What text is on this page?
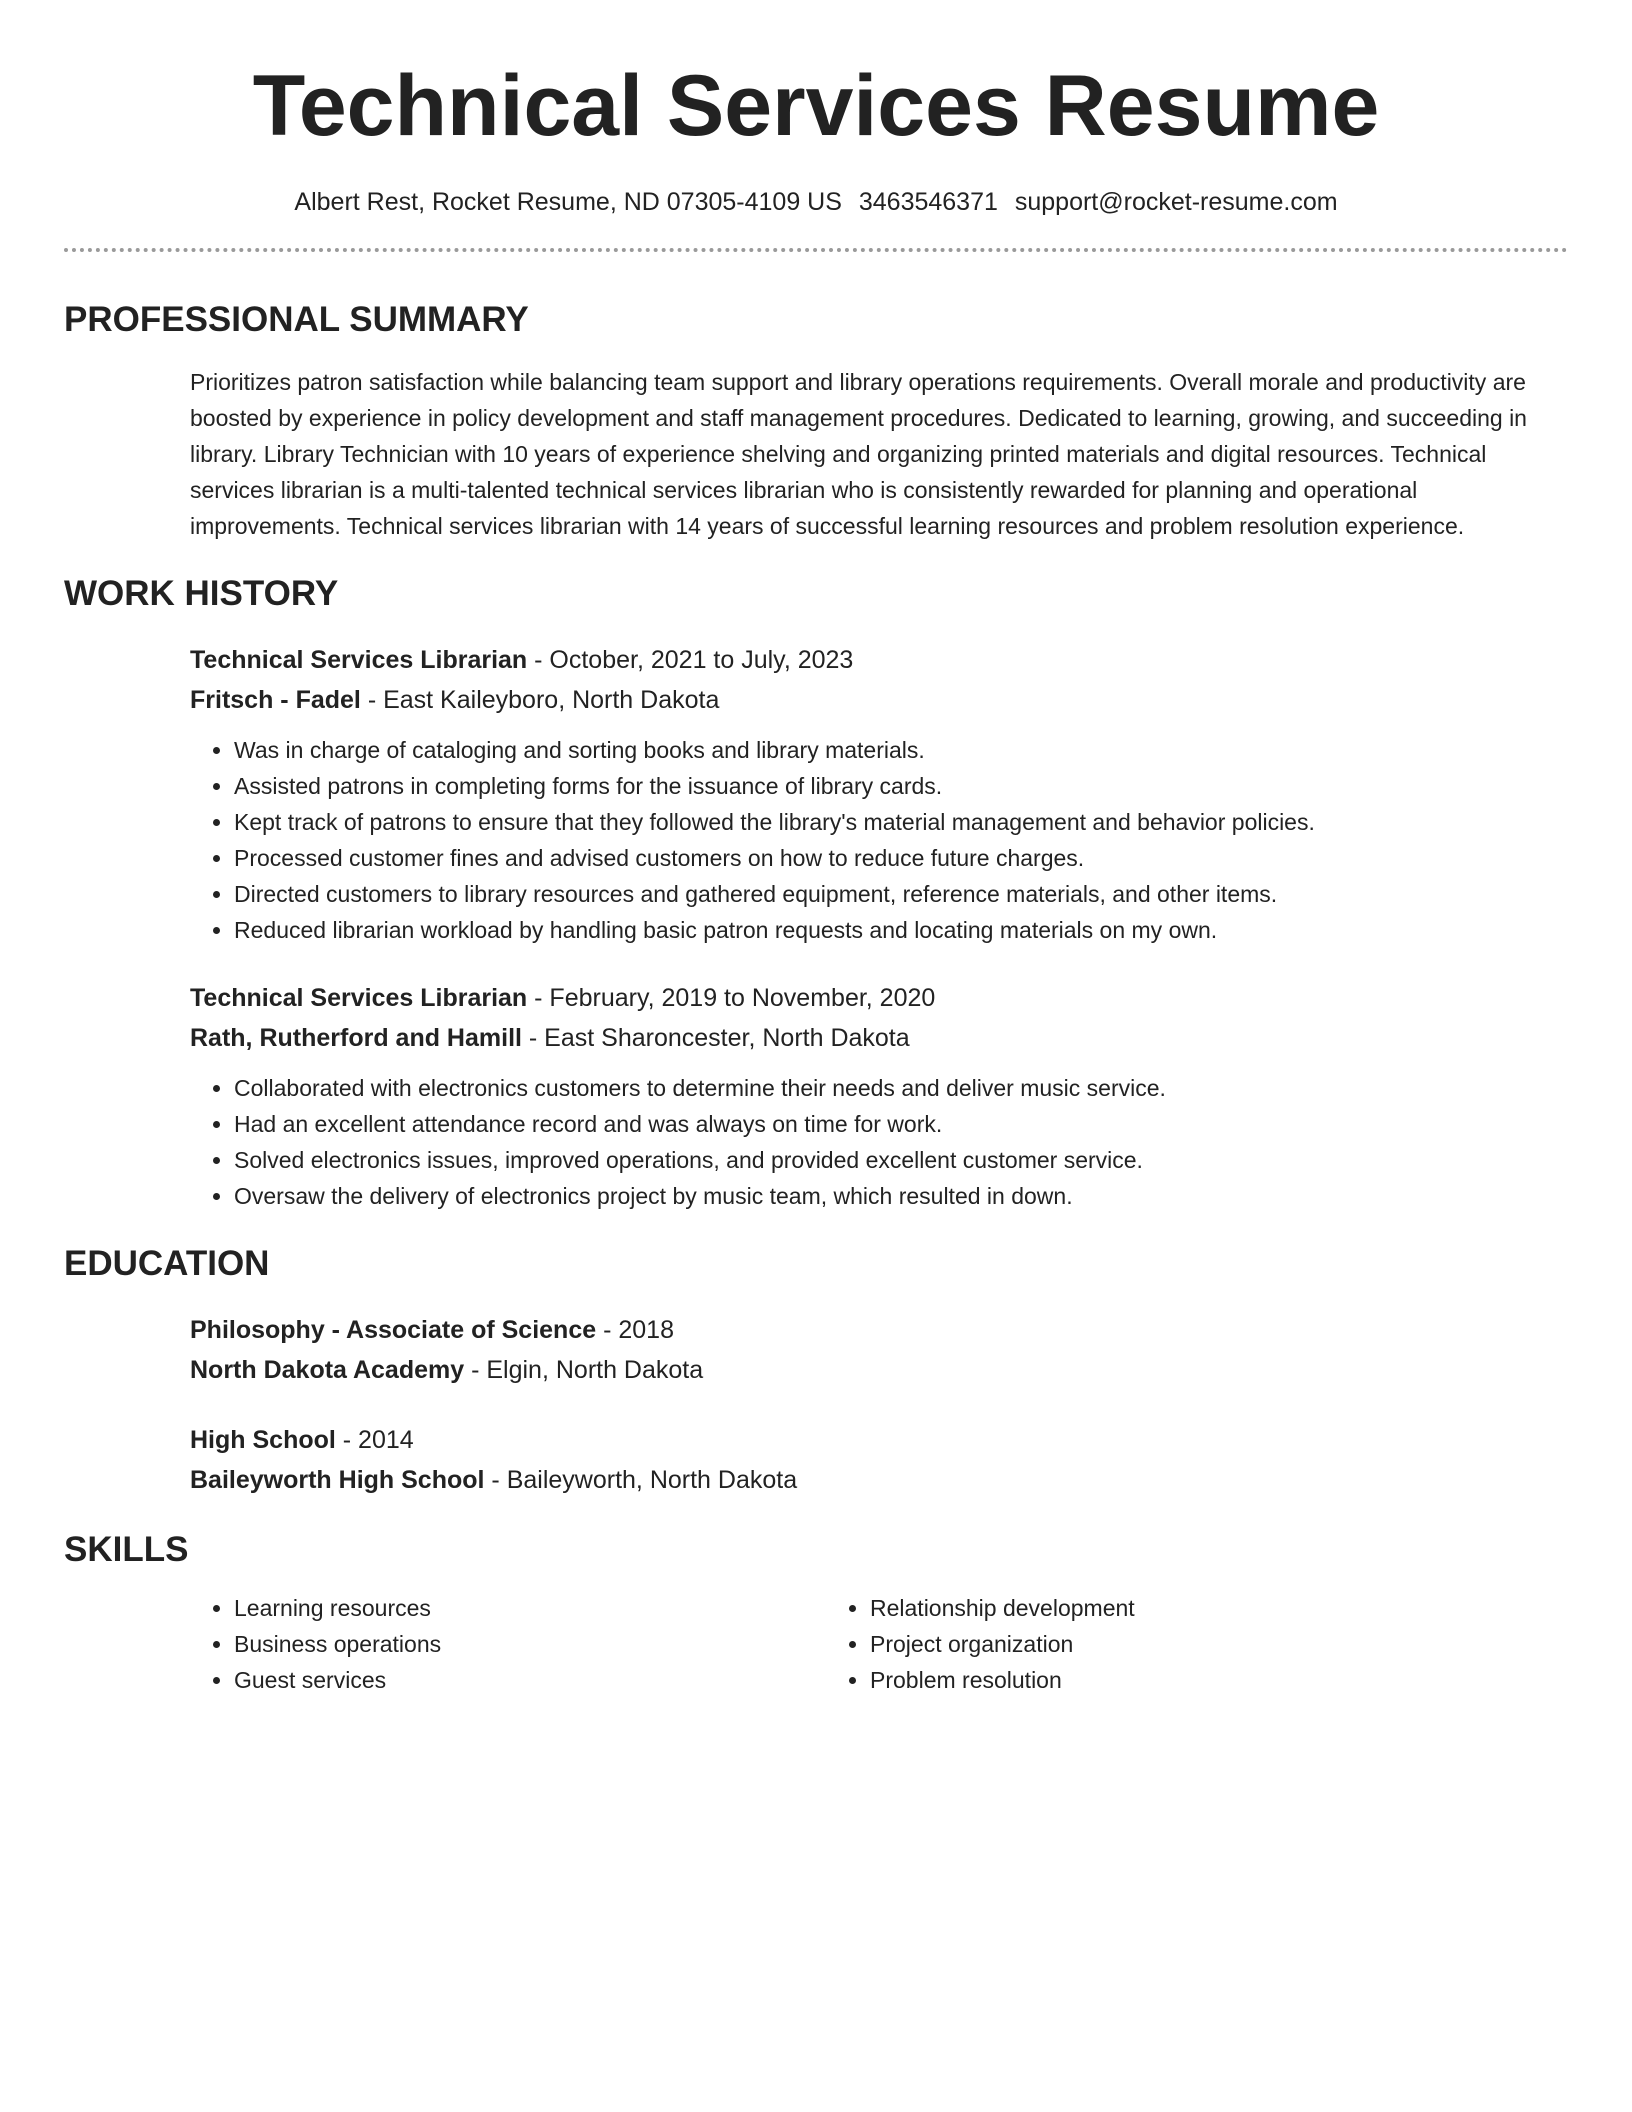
Technical Services Resume
Albert Rest, Rocket Resume, ND 07305-4109 US 3463546371 support@rocket-resume.com
PROFESSIONAL SUMMARY
Prioritizes patron satisfaction while balancing team support and library operations requirements. Overall morale and productivity are boosted by experience in policy development and staff management procedures. Dedicated to learning, growing, and succeeding in library. Library Technician with 10 years of experience shelving and organizing printed materials and digital resources. Technical services librarian is a multi-talented technical services librarian who is consistently rewarded for planning and operational improvements. Technical services librarian with 14 years of successful learning resources and problem resolution experience.
WORK HISTORY
Technical Services Librarian - October, 2021 to July, 2023
Fritsch - Fadel - East Kaileyboro, North Dakota
• Was in charge of cataloging and sorting books and library materials.
• Assisted patrons in completing forms for the issuance of library cards.
• Kept track of patrons to ensure that they followed the library's material management and behavior policies.
• Processed customer fines and advised customers on how to reduce future charges.
• Directed customers to library resources and gathered equipment, reference materials, and other items.
• Reduced librarian workload by handling basic patron requests and locating materials on my own.
Technical Services Librarian - February, 2019 to November, 2020
Rath, Rutherford and Hamill - East Sharoncester, North Dakota
• Collaborated with electronics customers to determine their needs and deliver music service.
• Had an excellent attendance record and was always on time for work.
• Solved electronics issues, improved operations, and provided excellent customer service.
• Oversaw the delivery of electronics project by music team, which resulted in down.
EDUCATION
Philosophy - Associate of Science - 2018
North Dakota Academy - Elgin, North Dakota
High School - 2014
Baileyworth High School - Baileyworth, North Dakota
SKILLS
• Learning resources
• Business operations
• Guest services
• Relationship development
• Project organization
• Problem resolution
